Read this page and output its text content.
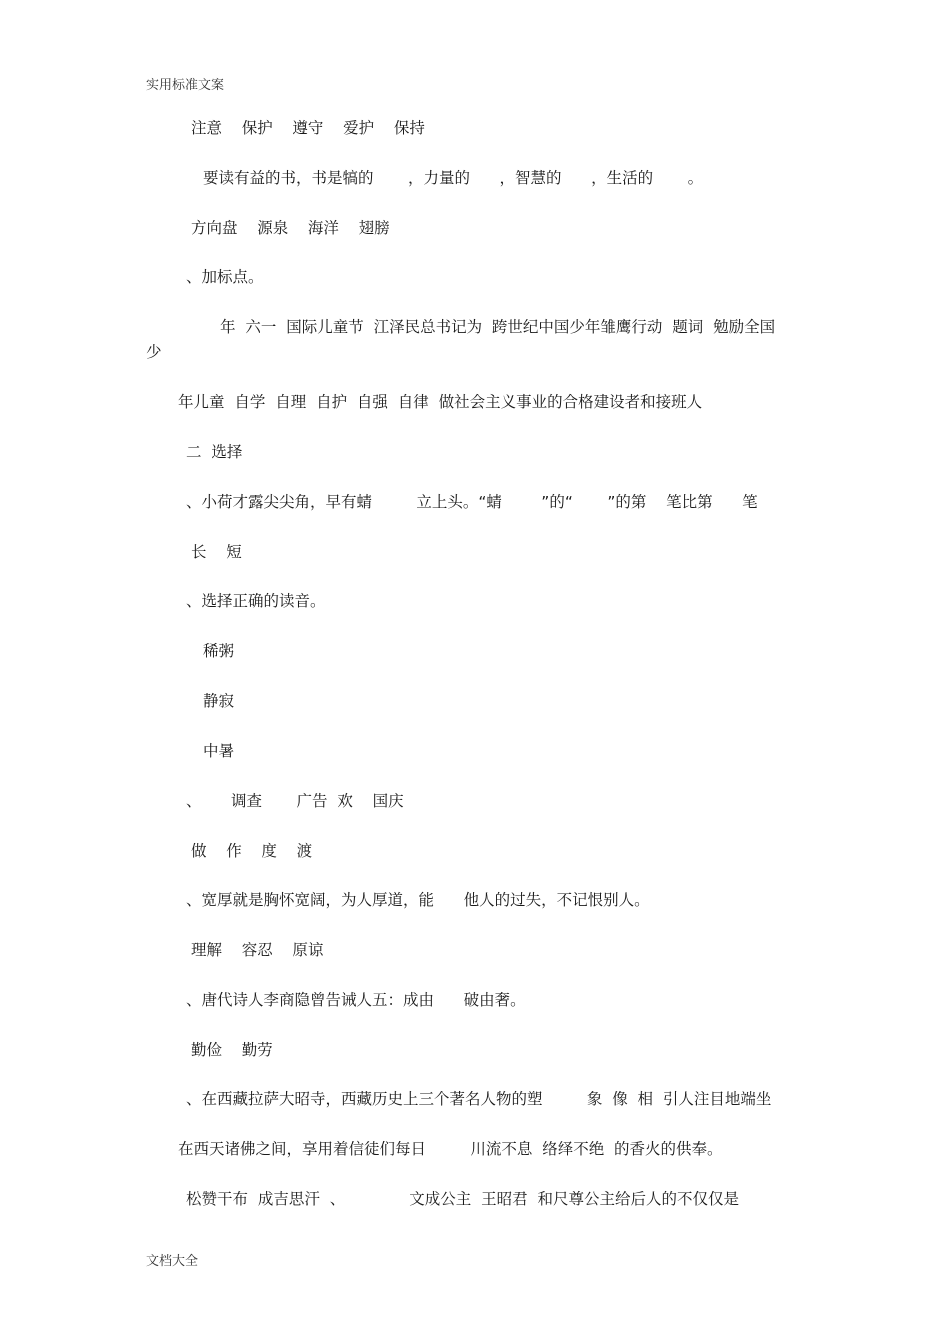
实用标准文案
注意    保护    遵守    爱护    保持
要读有益的书，书是犒的       ，力量的      ，智慧的      ，生活的       。
方向盘    源泉    海洋    翅膀
、加标点。
年  六一  国际儿童节  江泽民总书记为  跨世纪中国少年雏鹰行动  题词  勉励全国
少
年儿童  自学  自理  自护  自强  自律  做社会主义事业的合格建设者和接班人
二  选择
、小荷才露尖尖角，早有蜻         立上头。“蜻        ”的“       ”的第    笔比第      笔
长    短
、选择正确的读音。
稀粥
静寂
中暑
、      调查       广告  欢    国庆
做    作    度    渡
、宽厚就是胸怀宽阔，为人厚道，能      他人的过失，不记恨别人。
理解    容忍    原谅
、唐代诗人李商隐曾告诫人五：成由      破由奢。
勤俭    勤劳
、在西藏拉萨大昭寺，西藏历史上三个著名人物的塑         象  像  相  引人注目地端坐
在西天诸佛之间，享用着信徒们每日         川流不息  络绎不绝  的香火的供奉。
松赞干布  成吉思汗  、             文成公主  王昭君  和尺尊公主给后人的不仅仅是
文档大全
